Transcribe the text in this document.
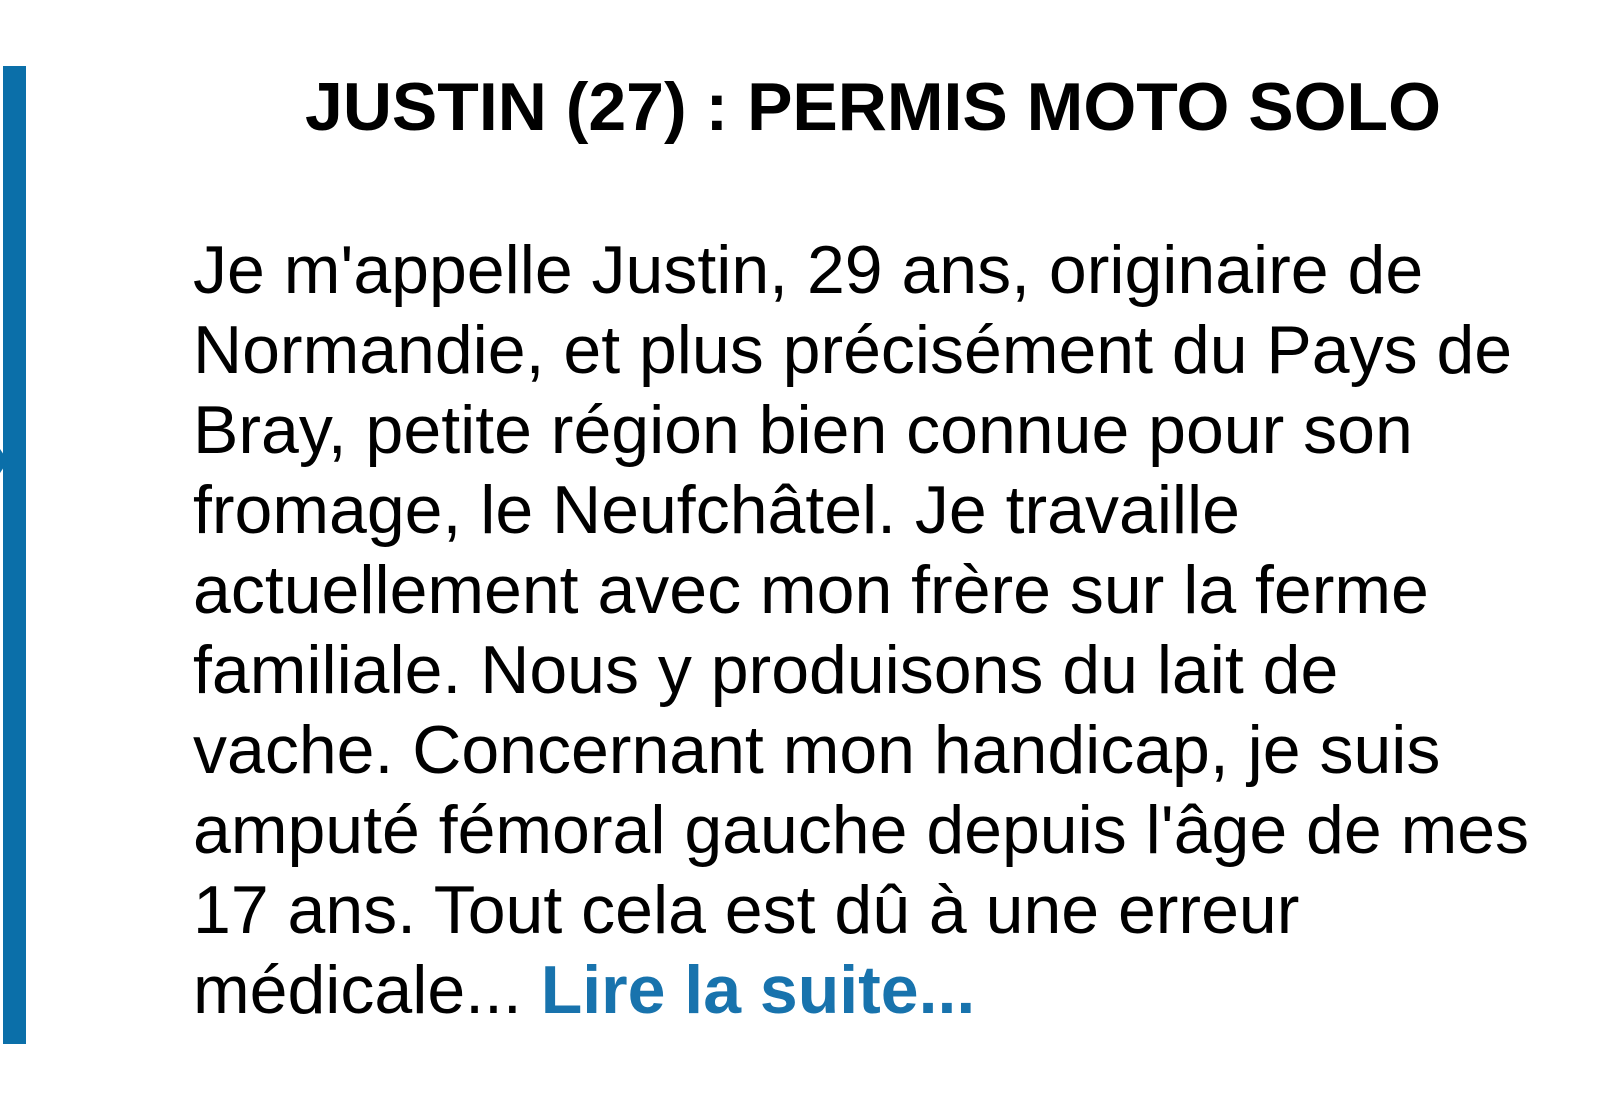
JUSTIN (27) : PERMIS MOTO SOLO
Je m'appelle Justin, 29 ans, originaire de
Normandie, et plus précisément du Pays de
Bray, petite région bien connue pour son
fromage, le Neufchâtel. Je travaille
actuellement avec mon frère sur la ferme
familiale. Nous y produisons du lait de
vache. Concernant mon handicap, je suis
amputé fémoral gauche depuis l'âge de mes
17 ans. Tout cela est dû à une erreur
médicale... Lire la suite...
